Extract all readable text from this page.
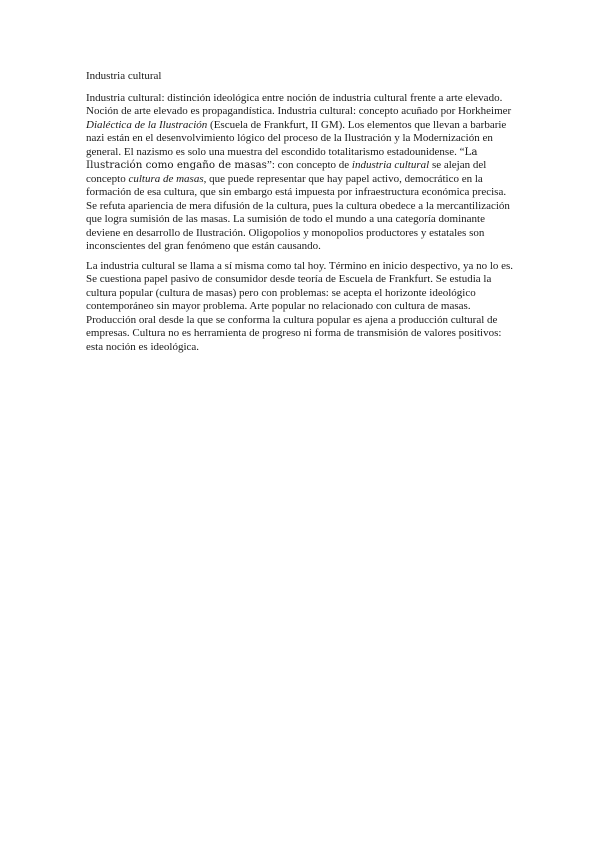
Industria cultural

Industria cultural: distinción ideológica entre noción de industria cultural frente a arte elevado. Noción de arte elevado es propagandística. Industria cultural: concepto acuñado por Horkheimer Dialéctica de la Ilustración (Escuela de Frankfurt, II GM). Los elementos que llevan a barbarie nazi están en el desenvolvimiento lógico del proceso de la Ilustración y la Modernización en general. El nazismo es solo una muestra del escondido totalitarismo estadounidense. “La Ilustración como engaño de masas”: con concepto de industria cultural se alejan del concepto cultura de masas, que puede representar que hay papel activo, democrático en la formación de esa cultura, que sin embargo está impuesta por infraestructura económica precisa. Se refuta apariencia de mera difusión de la cultura, pues la cultura obedece a la mercantilización que logra sumisión de las masas. La sumisión de todo el mundo a una categoría dominante deviene en desarrollo de Ilustración. Oligopolios y monopolios productores y estatales son inconscientes del gran fenómeno que están causando.

La industria cultural se llama a sí misma como tal hoy. Término en inicio despectivo, ya no lo es. Se cuestiona papel pasivo de consumidor desde teoría de Escuela de Frankfurt. Se estudia la cultura popular (cultura de masas) pero con problemas: se acepta el horizonte ideológico contemporáneo sin mayor problema. Arte popular no relacionado con cultura de masas. Producción oral desde la que se conforma la cultura popular es ajena a producción cultural de empresas. Cultura no es herramienta de progreso ni forma de transmisión de valores positivos: esta noción es ideológica.
